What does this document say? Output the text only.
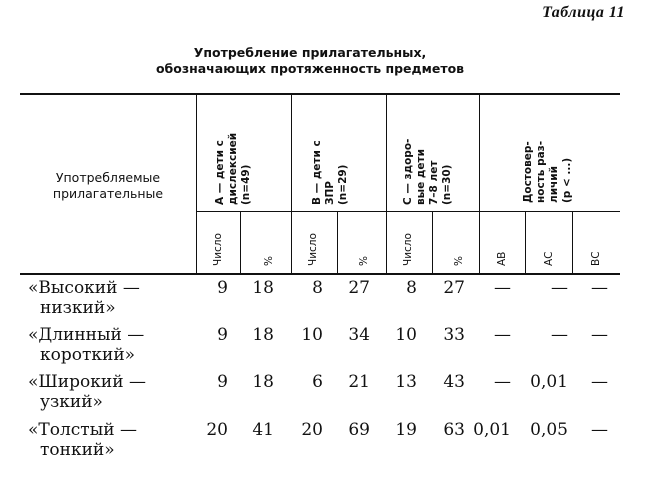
Таблица 11
Употребление прилагательных,
обозначающих протяженность предметов
Употребляемые
прилагательные	А — дети с дислексией (n=49)	В — дети с ЗПР (n=29)	С — здоро- вые дети 7–8 лет (n=30)	Достовер- ность раз- личий (р < ...)
Число	%	Число	%	Число	%	АВ	АС	ВС
«Высокий —
низкий»
9 18 8 27 8 27 — — —
«Длинный —
короткий»
9 18 10 34 10 33 — — —
«Широкий —
узкий»
9 18 6 21 13 43 — 0,01 —
«Толстый —
тонкий»
20 41 20 69 19 63 0,01 0,05 —
